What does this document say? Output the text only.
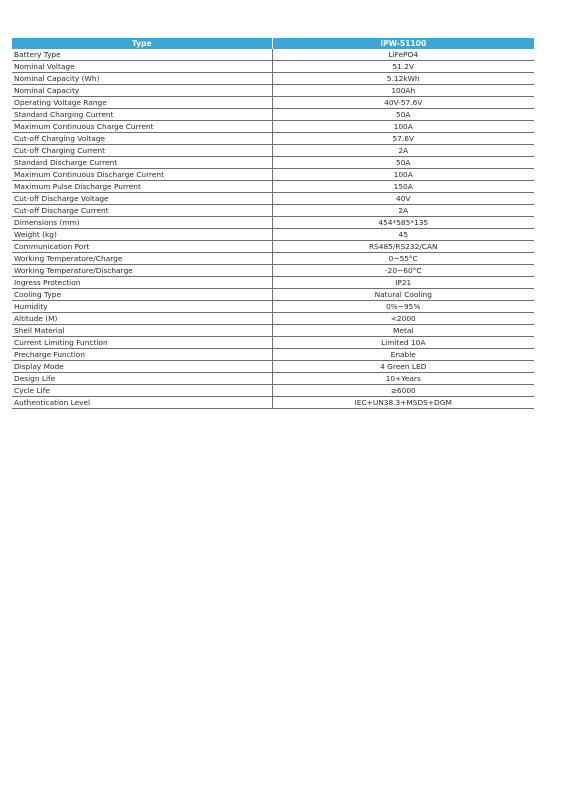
Type	IPW-51100
Battery Type	LiFePO4
Nominal Voltage	51.2V
Nominal Capacity (Wh)	5.12kWh
Nominal Capacity	100Ah
Operating Voltage Range	40V-57.6V
Standard Charging Current	50A
Maximum Continuous Charge Current	100A
Cut-off Charging Voltage	57.6V
Cut-off Charging Current	2A
Standard Discharge Current	50A
Maximum Continuous Discharge Current	100A
Maximum Pulse Discharge Purrent	150A
Cut-off Discharge Voltage	40V
Cut-off Discharge Current	2A
Dimensions (mm)	454*585*135
Weight (kg)	45
Communication Port	RS485/RS232/CAN
Working Temperature/Charge	0~55°C
Working Temperature/Discharge	-20~60°C
Ingress Protection	IP21
Cooling Type	Natural Cooling
Humidity	0%~95%
Altitude (M)	<2000
Shell Material	Metal
Current Limiting Function	Limited 10A
Precharge Function	Enable
Display Mode	4 Green LED
Design Life	10+Years
Cycle Life	≥6000
Authentication Level	IEC+UN38.3+MSDS+DGM
